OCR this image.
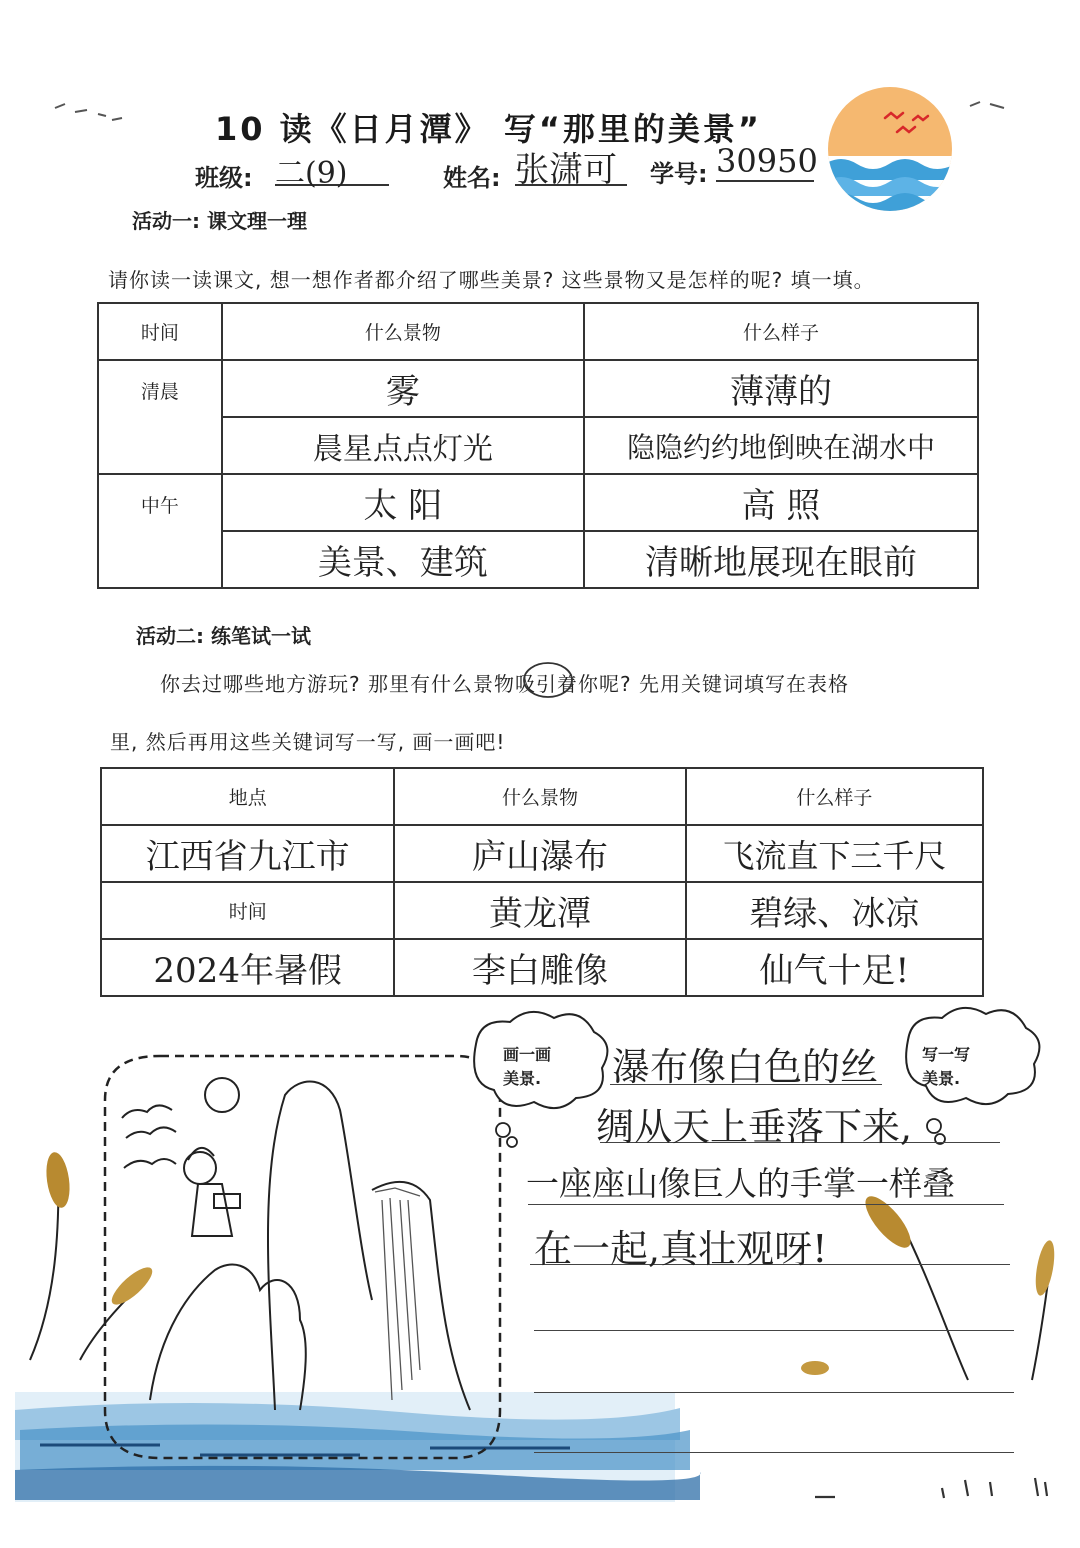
10 读《日月潭》 写“那里的美景”
班级: 二(9)	姓名: 张潇可	学号: 30950
活动一: 课文理一理
请你读一读课文, 想一想作者都介绍了哪些美景? 这些景物又是怎样的呢? 填一填。
时间	什么景物	什么样子
清晨	雾	薄薄的
	晨星点点灯光	隐隐约约地倒映在湖水中
中午	太 阳	高 照
	美景、建筑	清晰地展现在眼前
活动二: 练笔试一试
你去过哪些地方游玩? 那里有什么景物吸引着你呢? 先用关键词填写在表格
里, 然后再用这些关键词写一写, 画一画吧!
地点	什么景物	什么样子
江西省九江市	庐山瀑布	飞流直下三千尺
时间	黄龙潭	碧绿、冰凉
2024年暑假	李白雕像	仙气十足!
画一画
美景.
写一写
美景.
瀑布像白色的丝
绸从天上垂落下来,
一座座山像巨人的手掌一样叠
在一起,真壮观呀!
